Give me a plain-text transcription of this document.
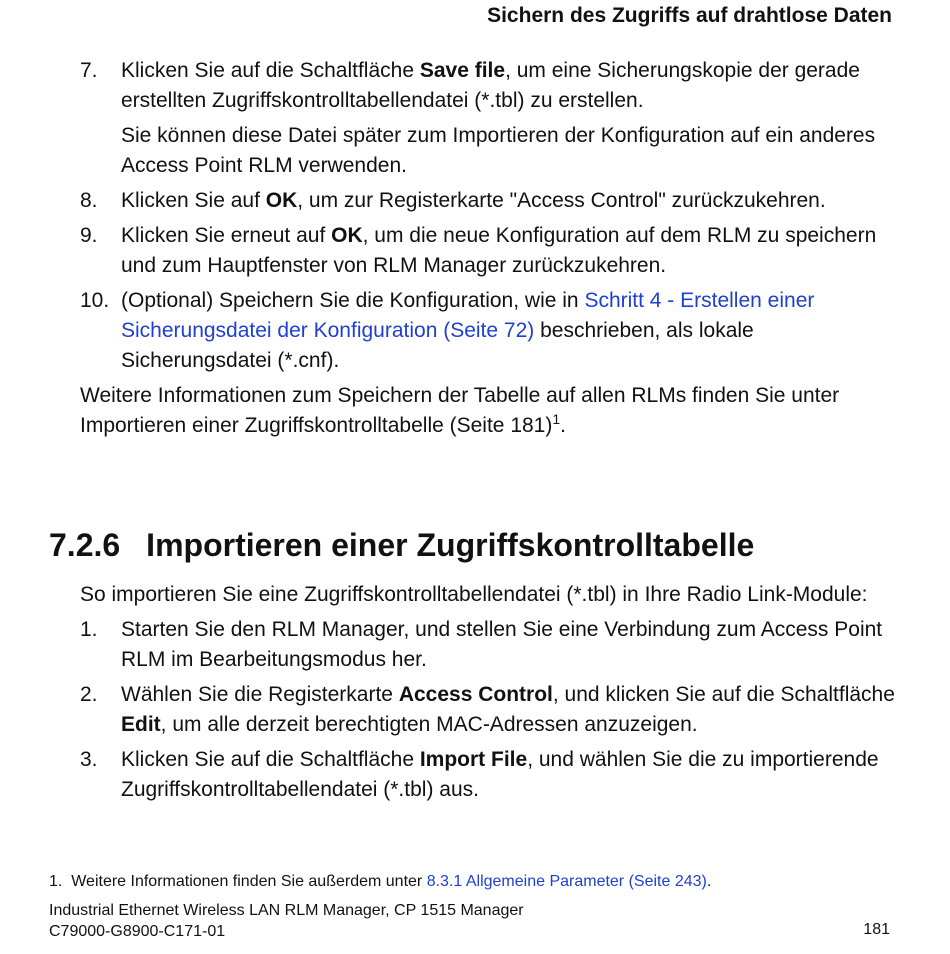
Sichern des Zugriffs auf drahtlose Daten
7.	Klicken Sie auf die Schaltfläche Save file, um eine Sicherungskopie der gerade erstellten Zugriffskontrolltabellendatei (*.tbl) zu erstellen.

Sie können diese Datei später zum Importieren der Konfiguration auf ein anderes Access Point RLM verwenden.

8.	Klicken Sie auf OK, um zur Registerkarte "Access Control" zurückzukehren.

9.	Klicken Sie erneut auf OK, um die neue Konfiguration auf dem RLM zu speichern und zum Hauptfenster von RLM Manager zurückzukehren.

10. (Optional) Speichern Sie die Konfiguration, wie in Schritt 4 - Erstellen einer Sicherungsdatei der Konfiguration (Seite 72) beschrieben, als lokale Sicherungsdatei (*.cnf).

Weitere Informationen zum Speichern der Tabelle auf allen RLMs finden Sie unter Importieren einer Zugriffskontrolltabelle (Seite 181)$^1$.

7.2.6 Importieren einer Zugriffskontrolltabelle

So importieren Sie eine Zugriffskontrolltabellendatei (*.tbl) in Ihre Radio Link-Module:

1.	Starten Sie den RLM Manager, und stellen Sie eine Verbindung zum Access Point RLM im Bearbeitungsmodus her.

2.	Wählen Sie die Registerkarte Access Control, und klicken Sie auf die Schaltfläche Edit, um alle derzeit berechtigten MAC-Adressen anzuzeigen.

3.	Klicken Sie auf die Schaltfläche Import File, und wählen Sie die zu importierende Zugriffskontrolltabellendatei (*.tbl) aus.

1. Weitere Informationen finden Sie außerdem unter 8.3.1 Allgemeine Parameter (Seite 243).
Industrial Ethernet Wireless LAN RLM Manager, CP 1515 Manager
C79000-G8900-C171-01	181
